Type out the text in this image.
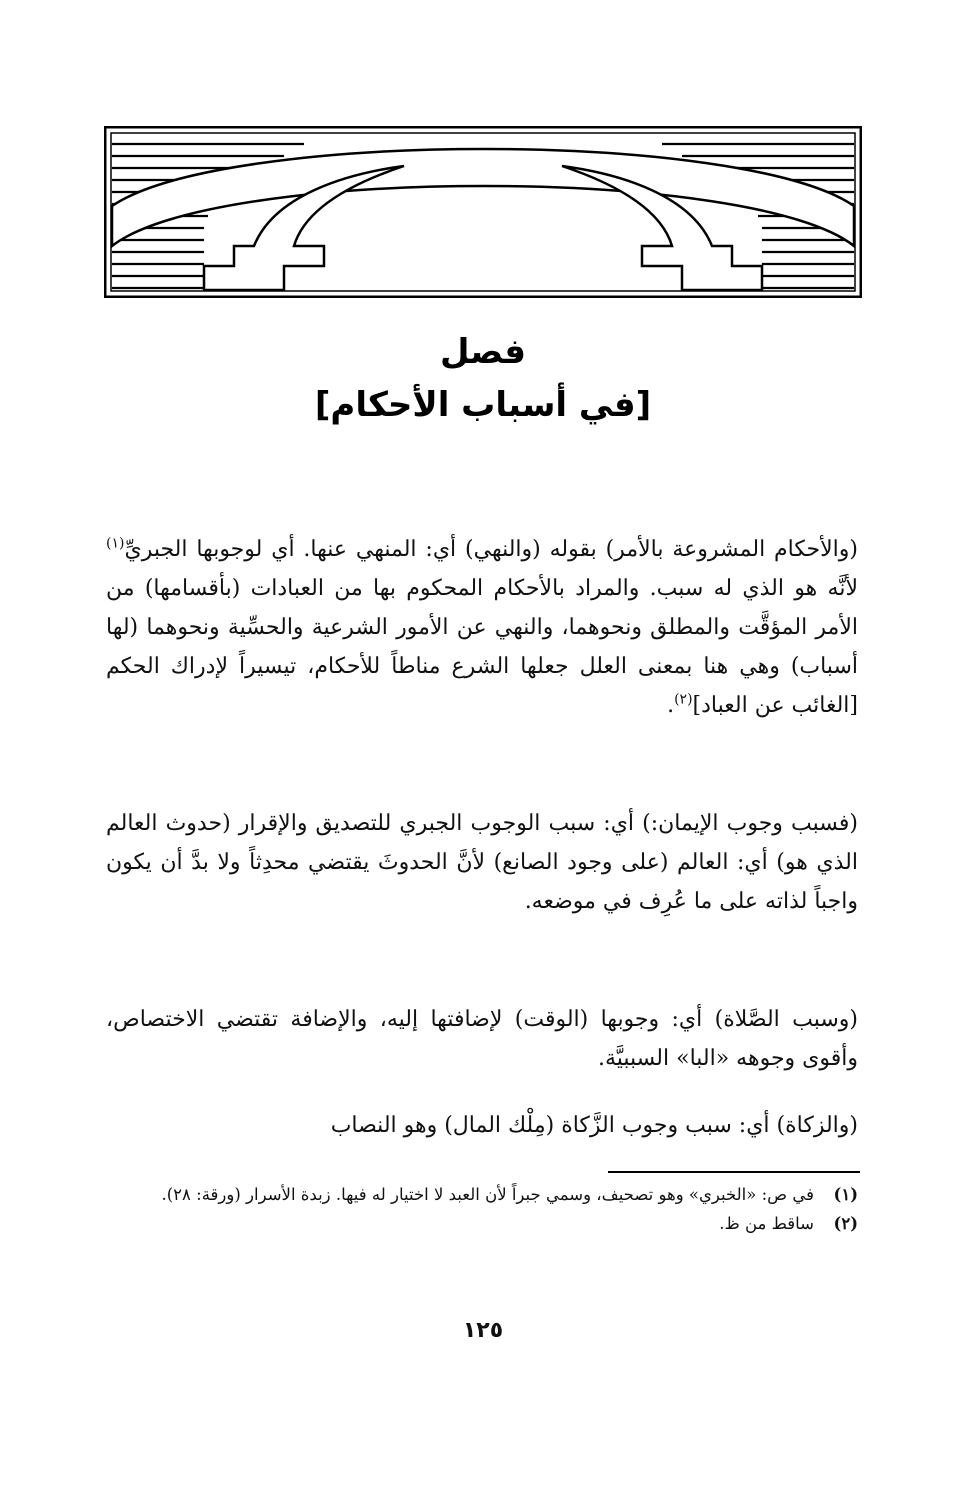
فصل
[في أسباب الأحكام]

(والأحكام المشروعة بالأمر) بقوله (والنهي) أي: المنهي عنها. أي لوجوبها الجبريِّ$^{(١)}$ لأنَّه هو الذي له سبب. والمراد بالأحكام المحكوم بها من العبادات (بأقسامها) من الأمر المؤقَّت والمطلق ونحوهما، والنهي عن الأمور الشرعية والحسِّية ونحوهما (لها أسباب) وهي هنا بمعنى العلل جعلها الشرع مناطاً للأحكام، تيسيراً لإدراك الحكم [الغائب عن العباد]$^{(٢)}$.

(فسبب وجوب الإيمان:) أي: سبب الوجوب الجبري للتصديق والإقرار (حدوث العالم الذي هو) أي: العالم (على وجود الصانع) لأنَّ الحدوثَ يقتضي محدِثاً ولا بدَّ أن يكون واجباً لذاته على ما عُرِف في موضعه.

(وسبب الصَّلاة) أي: وجوبها (الوقت) لإضافتها إليه، والإضافة تقتضي الاختصاص، وأقوى وجوهه «البا» السببيَّة.

(والزكاة) أي: سبب وجوب الزَّكاة (مِلْك المال) وهو النصاب

(١)
في ص: «الخبري» وهو تصحيف، وسمي جبراً لأن العبد لا اختيار له فيها. زبدة الأسرار (ورقة: ٢٨).
(٢)
ساقط من ظ.
١٢٥
